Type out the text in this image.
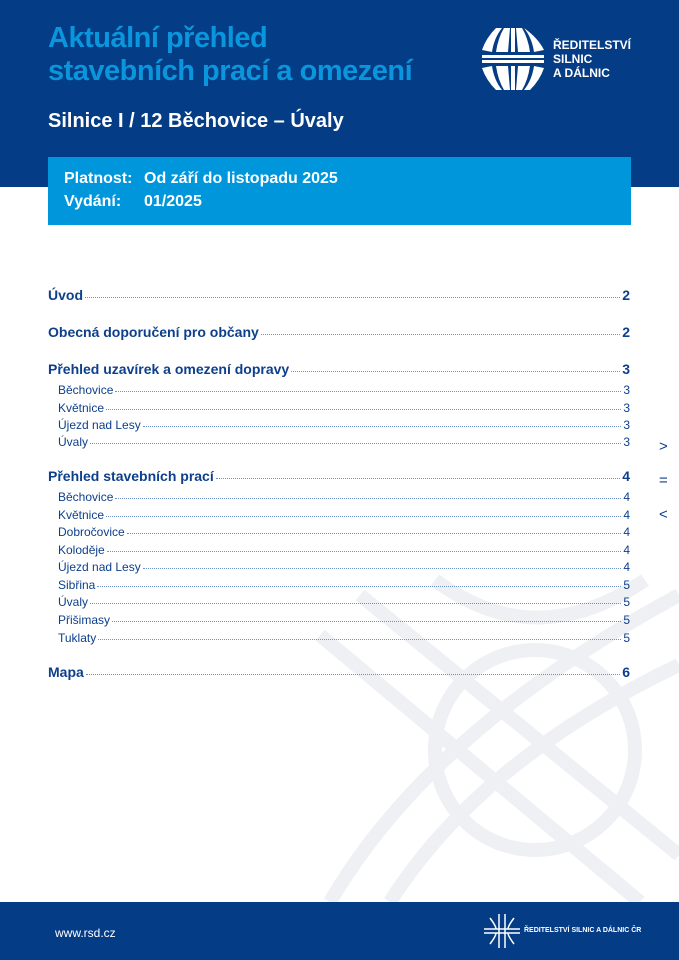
Aktuální přehled
stavebních prací a omezení
ŘEDITELSTVÍ
SILNIC
A DÁLNIC
Silnice I / 12 Běchovice – Úvaly
Platnost: Od září do listopadu 2025
Vydání:	01/2025
Úvod	2
Obecná doporučení pro občany	2
Přehled uzavírek a omezení dopravy	3
Běchovice	3
Květnice	3
Újezd nad Lesy	3
Úvaly	3
Přehled stavebních prací	4
Běchovice	4
Květnice	4
Dobročovice	4
Koloděje	4
Újezd nad Lesy	4
Sibřina	5
Úvaly	5
Přišimasy	5
Tuklaty	5
Mapa	6
>
=
<
www.rsd.cz	ŘEDITELSTVÍ SILNIC A DÁLNIC ČR
